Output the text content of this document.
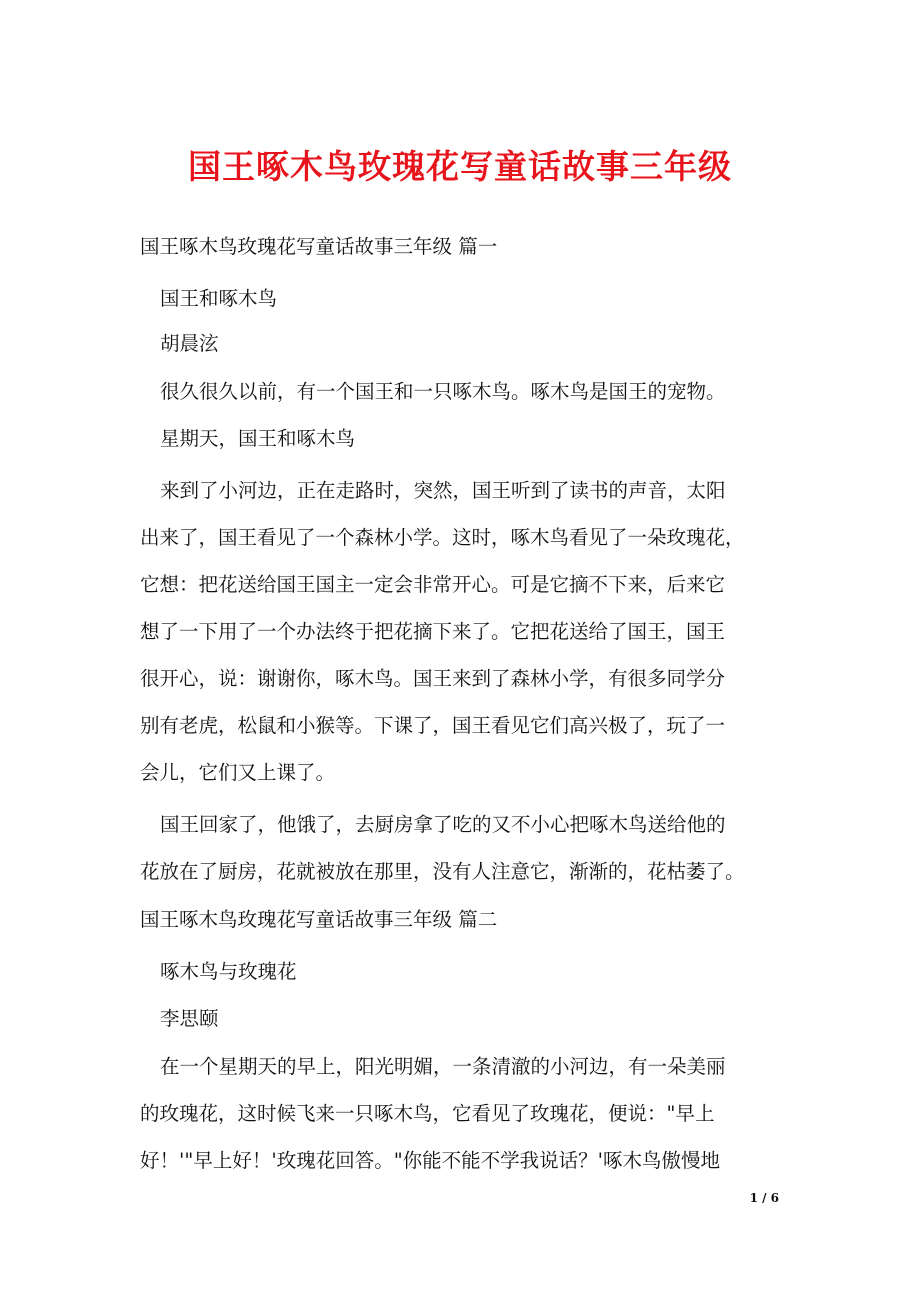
国王啄木鸟玫瑰花写童话故事三年级

国王啄木鸟玫瑰花写童话故事三年级 篇一

国王和啄木鸟

胡晨泫

很久很久以前，有一个国王和一只啄木鸟。啄木鸟是国王的宠物。

星期天，国王和啄木鸟

来到了小河边，正在走路时，突然，国王听到了读书的声音，太阳

出来了，国王看见了一个森林小学。这时，啄木鸟看见了一朵玫瑰花，

它想：把花送给国王国主一定会非常开心。可是它摘不下来，后来它

想了一下用了一个办法终于把花摘下来了。它把花送给了国王，国王

很开心，说：谢谢你，啄木鸟。国王来到了森林小学，有很多同学分

别有老虎，松鼠和小猴等。下课了，国王看见它们高兴极了，玩了一

会儿，它们又上课了。

国王回家了，他饿了，去厨房拿了吃的又不小心把啄木鸟送给他的

花放在了厨房，花就被放在那里，没有人注意它，渐渐的，花枯萎了。

国王啄木鸟玫瑰花写童话故事三年级 篇二

啄木鸟与玫瑰花

李思颐

在一个星期天的早上，阳光明媚，一条清澈的小河边，有一朵美丽

的玫瑰花，这时候飞来一只啄木鸟，它看见了玫瑰花，便说："早上

好！'"早上好！'玫瑰花回答。"你能不能不学我说话？'啄木鸟傲慢地

1 / 6
